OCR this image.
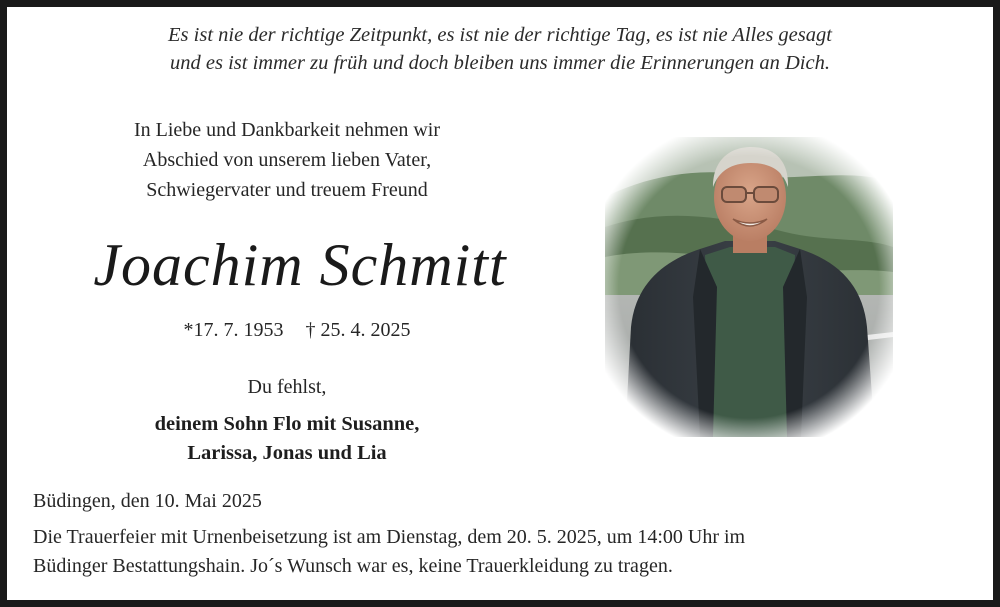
Es ist nie der richtige Zeitpunkt, es ist nie der richtige Tag, es ist nie Alles gesagt
und es ist immer zu früh und doch bleiben uns immer die Erinnerungen an Dich.
In Liebe und Dankbarkeit nehmen wir
Abschied von unserem lieben Vater,
Schwiegervater und treuem Freund
Joachim Schmitt
*17. 7. 1953 † 25. 4. 2025
Du fehlst,
deinem Sohn Flo mit Susanne,
Larissa, Jonas und Lia
Büdingen, den 10. Mai 2025
Die Trauerfeier mit Urnenbeisetzung ist am Dienstag, dem 20. 5. 2025, um 14:00 Uhr im
Büdinger Bestattungshain. Jo´s Wunsch war es, keine Trauerkleidung zu tragen.
